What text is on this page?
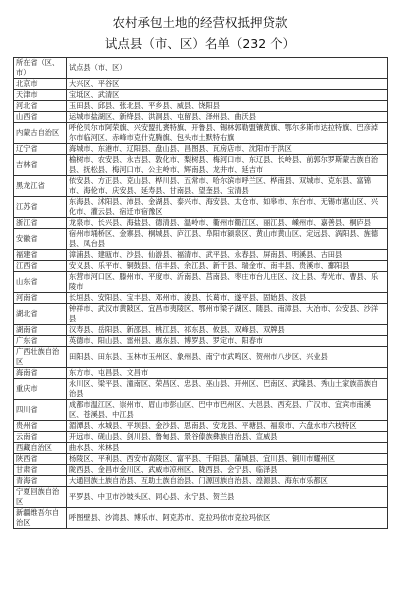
农村承包土地的经营权抵押贷款
试点县（市、区）名单（232 个）
所在省（区、市）	试点县（市、区）
北京市	大兴区、平谷区
天津市	宝坻区、武清区
河北省	玉田县、邱县、张北县、平乡县、威县、饶阳县
山西省	运城市盐湖区、新绛县、洪洞县、屯留县、泽州县、曲沃县
内蒙古自治区	呼伦贝尔市阿荣旗、兴安盟扎赉特旗、开鲁县、锡林郭勒盟镶黄旗、鄂尔多斯市达拉特旗、巴彦淖尔市临河区、赤峰市克什克腾旗、包头市土默特右旗
辽宁省	海城市、东港市、辽阳县、盘山县、昌图县、瓦房店市、沈阳市于洪区
吉林省	榆树市、农安县、永吉县、敦化市、梨树县、梅河口市、东辽县、长岭县、前郭尔罗斯蒙古族自治县、抚松县、梅河口市、公主岭市、辉南县、龙井市、延吉市
黑龙江省	依安县、方正县、克山县、桦川县、五常市、哈尔滨市呼兰区、桦南县、双城市、克东县、富锦市、海伦市、庆安县、延寿县、甘南县、望奎县、宝清县
江苏省	东海县、沭阳县、沛县、金湖县、泰兴市、海安县、太仓市、如皋市、东台市、无锡市惠山区、兴化市、灌云县、宿迁市宿豫区
浙江省	龙泉市、长兴县、海盐县、德清县、温岭市、衢州市衢江区、丽江县、嵊州市、嘉善县、桐庐县
安徽省	宿州市埇桥区、金寨县、桐城县、庐江县、阜阳市颍泉区、黄山市黄山区、定远县、涡阳县、旌德县、凤台县
福建省	漳浦县、建瓯市、沙县、仙游县、福清市、武平县、永春县、屏南县、明溪县、古田县
江西省	安义县、乐平市、铜鼓县、信丰县、余江县、新干县、瑞金市、南丰县、贵溪市、鄱阳县
山东省	东营市河口区、滕州市、平度市、沂南县、莒南县、枣庄市台儿庄区、汶上县、寿光市、曹县、乐陵市
河南省	长垣县、安阳县、宝丰县、邓州市、浚县、长葛市、遂平县、固始县、汝县
湖北省	钟祥市、武汉市黄陂区、宜昌市夷陵区、鄂州市梁子湖区、随县、南漳县、大冶市、公安县、沙洋县
湖南省	汉寿县、岳阳县、新邵县、桃江县、祁东县、攸县、双峰县、双牌县
广东省	英德市、阳山县、雷州县、惠东县、博罗县、罗定市、阳春市
广西壮族自治区	田阳县、田东县、玉林市玉州区、象州县、南宁市武鸣区、贺州市八步区、兴业县
海南省	东方市、屯昌县、文昌市
重庆市	永川区、梁平县、潼南区、荣昌区、忠县、巫山县、开州区、巴南区、武隆县、秀山土家族苗族自治县
四川省	成都市温江区、崇州市、眉山市彭山区、巴中市巴州区、大邑县、西充县、广汉市、宜宾市南溪区、苍溪县、中江县
贵州省	湄潭县、水城县、平坝县、金沙县、思南县、安龙县、平塘县、福泉市、六盘水市六枝特区
云南省	开远市、砚山县、剑川县、鲁甸县、景谷傣族彝族自治县、宣威县
西藏自治区	曲水县、米林县
陕西省	杨陵区、平利县、西安市高陵区、富平县、千阳县、蒲城县、宜川县、铜川市耀州区
甘肃省	陇西县、金昌市金川区、武威市凉州区、陇西县、会宁县、临泽县
青海省	大通回族土族自治县、互助土族自治县、门源回族自治县、湟源县、海东市乐都区
宁夏回族自治区	平罗县、中卫市沙坡头区、同心县、永宁县、贺兰县
新疆维吾尔自治区	呼图壁县、沙湾县、博乐市、阿克苏市、克拉玛依市克拉玛依区
